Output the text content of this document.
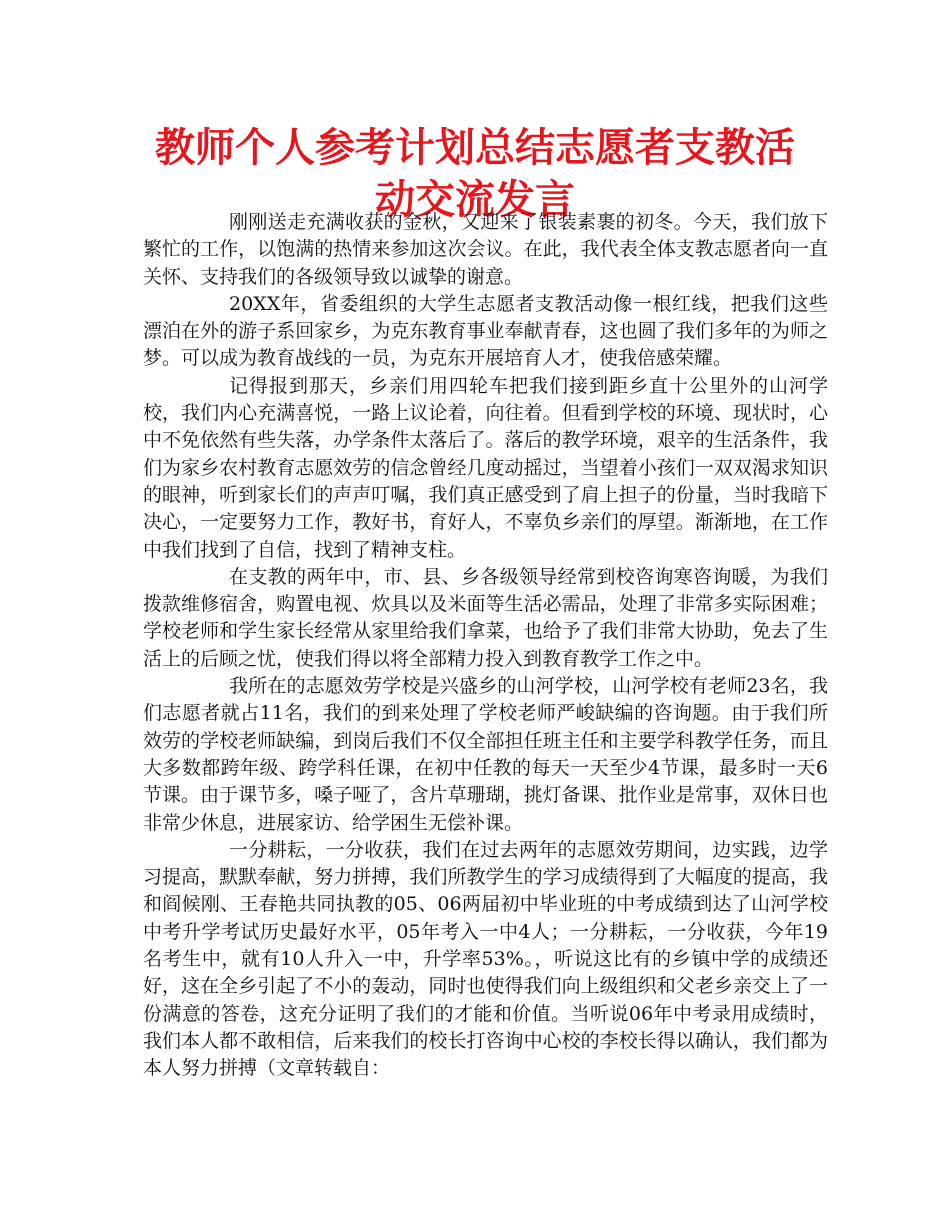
教师个人参考计划总结志愿者支教活动交流发言

刚刚送走充满收获的金秋，又迎来了银装素裹的初冬。今天，我们放下繁忙的工作，以饱满的热情来参加这次会议。在此，我代表全体支教志愿者向一直关怀、支持我们的各级领导致以诚挚的谢意。

20XX年，省委组织的大学生志愿者支教活动像一根红线，把我们这些漂泊在外的游子系回家乡，为克东教育事业奉献青春，这也圆了我们多年的为师之梦。可以成为教育战线的一员，为克东开展培育人才，使我倍感荣耀。

记得报到那天，乡亲们用四轮车把我们接到距乡直十公里外的山河学校，我们内心充满喜悦，一路上议论着，向往着。但看到学校的环境、现状时，心中不免依然有些失落，办学条件太落后了。落后的教学环境，艰辛的生活条件，我们为家乡农村教育志愿效劳的信念曾经几度动摇过，当望着小孩们一双双渴求知识的眼神，听到家长们的声声叮嘱，我们真正感受到了肩上担子的份量，当时我暗下决心，一定要努力工作，教好书，育好人，不辜负乡亲们的厚望。渐渐地，在工作中我们找到了自信，找到了精神支柱。

在支教的两年中，市、县、乡各级领导经常到校咨询寒咨询暖，为我们拨款维修宿舍，购置电视、炊具以及米面等生活必需品，处理了非常多实际困难；学校老师和学生家长经常从家里给我们拿菜，也给予了我们非常大协助，免去了生活上的后顾之忧，使我们得以将全部精力投入到教育教学工作之中。

我所在的志愿效劳学校是兴盛乡的山河学校，山河学校有老师23名，我们志愿者就占11名，我们的到来处理了学校老师严峻缺编的咨询题。由于我们所效劳的学校老师缺编，到岗后我们不仅全部担任班主任和主要学科教学任务，而且大多数都跨年级、跨学科任课，在初中任教的每天一天至少4节课，最多时一天6节课。由于课节多，嗓子哑了，含片草珊瑚，挑灯备课、批作业是常事，双休日也非常少休息，进展家访、给学困生无偿补课。

一分耕耘，一分收获，我们在过去两年的志愿效劳期间，边实践，边学习提高，默默奉献，努力拼搏，我们所教学生的学习成绩得到了大幅度的提高，我和阎候刚、王春艳共同执教的05、06两届初中毕业班的中考成绩到达了山河学校中考升学考试历史最好水平，05年考入一中4人；一分耕耘，一分收获，今年19名考生中，就有10人升入一中，升学率53%。，听说这比有的乡镇中学的成绩还好，这在全乡引起了不小的轰动，同时也使得我们向上级组织和父老乡亲交上了一份满意的答卷，这充分证明了我们的才能和价值。当听说06年中考录用成绩时，我们本人都不敢相信，后来我们的校长打咨询中心校的李校长得以确认，我们都为本人努力拼搏（文章转载自：
